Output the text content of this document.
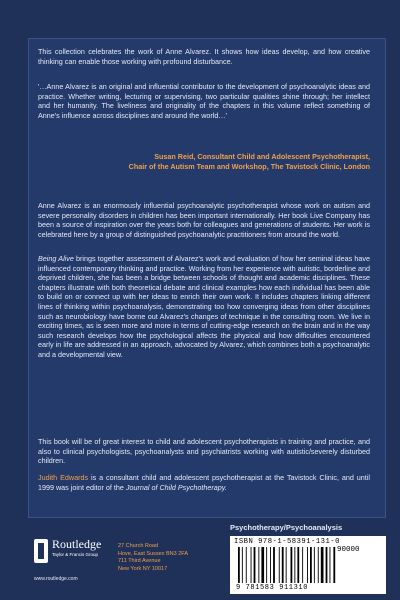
This collection celebrates the work of Anne Alvarez. It shows how ideas develop, and how creative thinking can enable those working with profound disturbance.
'…Anne Alvarez is an original and influential contributor to the development of psychoanalytic ideas and practice. Whether writing, lecturing or supervising, two particular qualities shine through; her intellect and her humanity. The liveliness and originality of the chapters in this volume reflect something of Anne's influence across disciplines and around the world…'
Susan Reid, Consultant Child and Adolescent Psychotherapist,
Chair of the Autism Team and Workshop, The Tavistock Clinic, London
Anne Alvarez is an enormously influential psychoanalytic psychotherapist whose work on autism and severe personality disorders in children has been important internationally. Her book Live Company has been a source of inspiration over the years both for colleagues and generations of students. Her work is celebrated here by a group of distinguished psychoanalytic practitioners from around the world.
Being Alive brings together assessment of Alvarez's work and evaluation of how her seminal ideas have influenced contemporary thinking and practice. Working from her experience with autistic, borderline and deprived children, she has been a bridge between schools of thought and academic disciplines. These chapters illustrate with both theoretical debate and clinical examples how each individual has been able to build on or connect up with her ideas to enrich their own work. It includes chapters linking different lines of thinking within psychoanalysis, demonstrating too how converging ideas from other disciplines such as neurobiology have borne out Alvarez's changes of technique in the consulting room. We live in exciting times, as is seen more and more in terms of cutting-edge research on the brain and in the way such research develops how the psychological affects the physical and how difficulties encountered early in life are addressed in an approach, advocated by Alvarez, which combines both a psychoanalytic and a developmental view.
This book will be of great interest to child and adolescent psychotherapists in training and practice, and also to clinical psychologists, psychoanalysts and psychiatrists working with autistic/severely disturbed children.
Judith Edwards is a consultant child and adolescent psychotherapist at the Tavistock Clinic, and until 1999 was joint editor of the Journal of Child Psychotherapy.
Psychotherapy/Psychoanalysis
Routledge
Taylor & Francis Group
www.routledge.com
27 Church Road
Hove, East Sussex BN3 2FA
711 Third Avenue
New York NY 10017
ISBN 978-1-58391-131-0
90000
9 781583 911310
